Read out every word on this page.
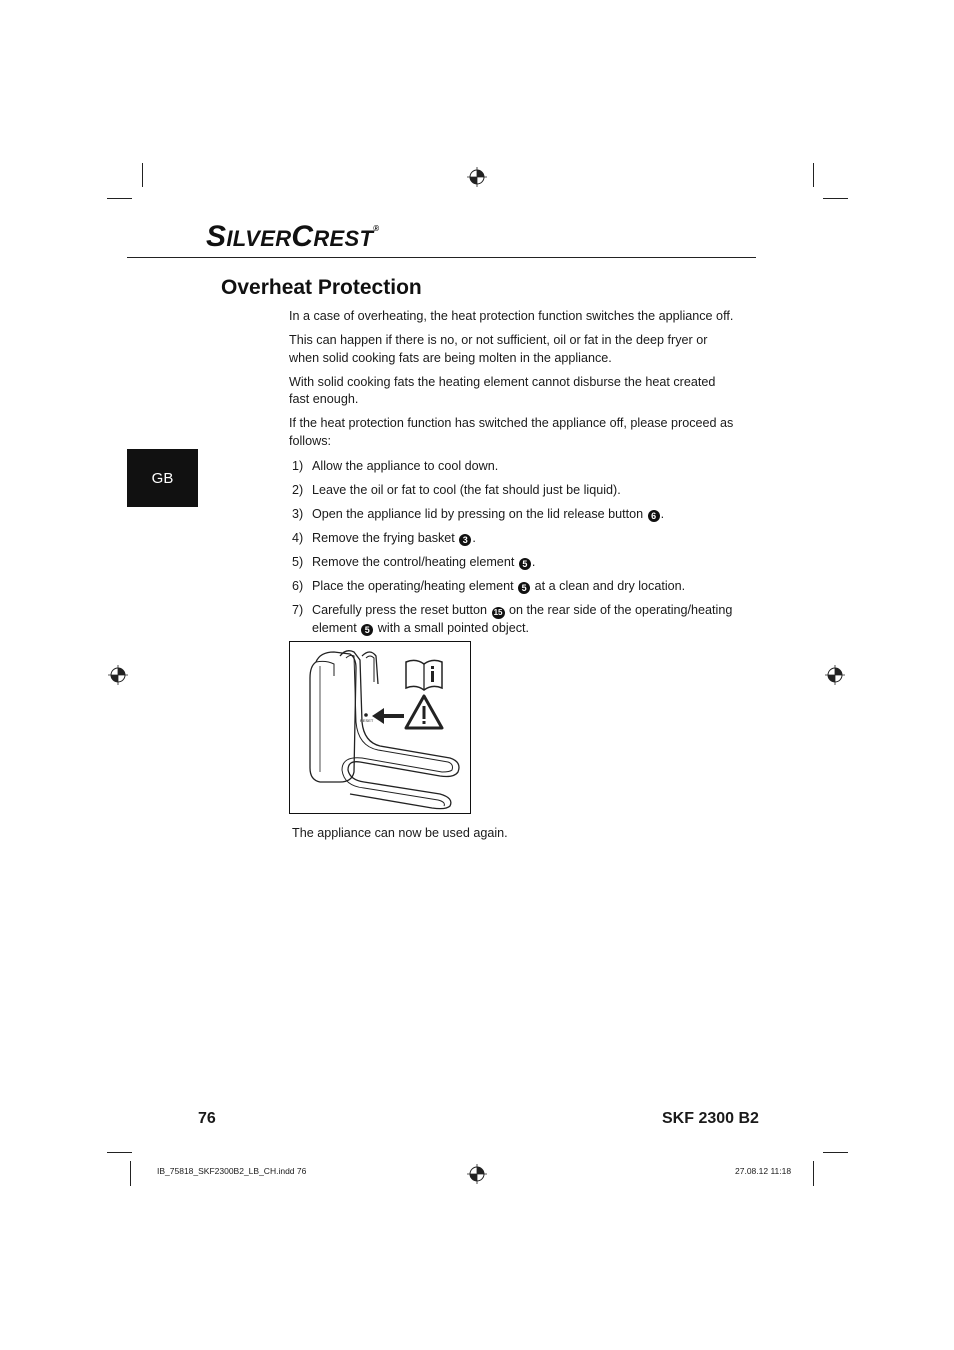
SILVERCREST®
GB
Overheat Protection

In a case of overheating, the heat protection function switches the appliance off.

This can happen if there is no, or not sufficient, oil or fat in the deep fryer or when solid cooking fats are being molten in the appliance.

With solid cooking fats the heating element cannot disburse the heat created fast enough.

If the heat protection function has switched the appliance off, please proceed as follows:

1) Allow the appliance to cool down.
2) Leave the oil or fat to cool (the fat should just be liquid).
3) Open the appliance lid by pressing on the lid release button 6 .
4) Remove the frying basket 3 .
5) Remove the control/heating element 5 .
6) Place the operating/heating element 5 at a clean and dry location.
7) Carefully press the reset button 15 on the rear side of the operating/heating element 5 with a small pointed object.
RESET
The appliance can now be used again.
76	SKF 2300 B2
IB_75818_SKF2300B2_LB_CH.indd 76	27.08.12 11:18
